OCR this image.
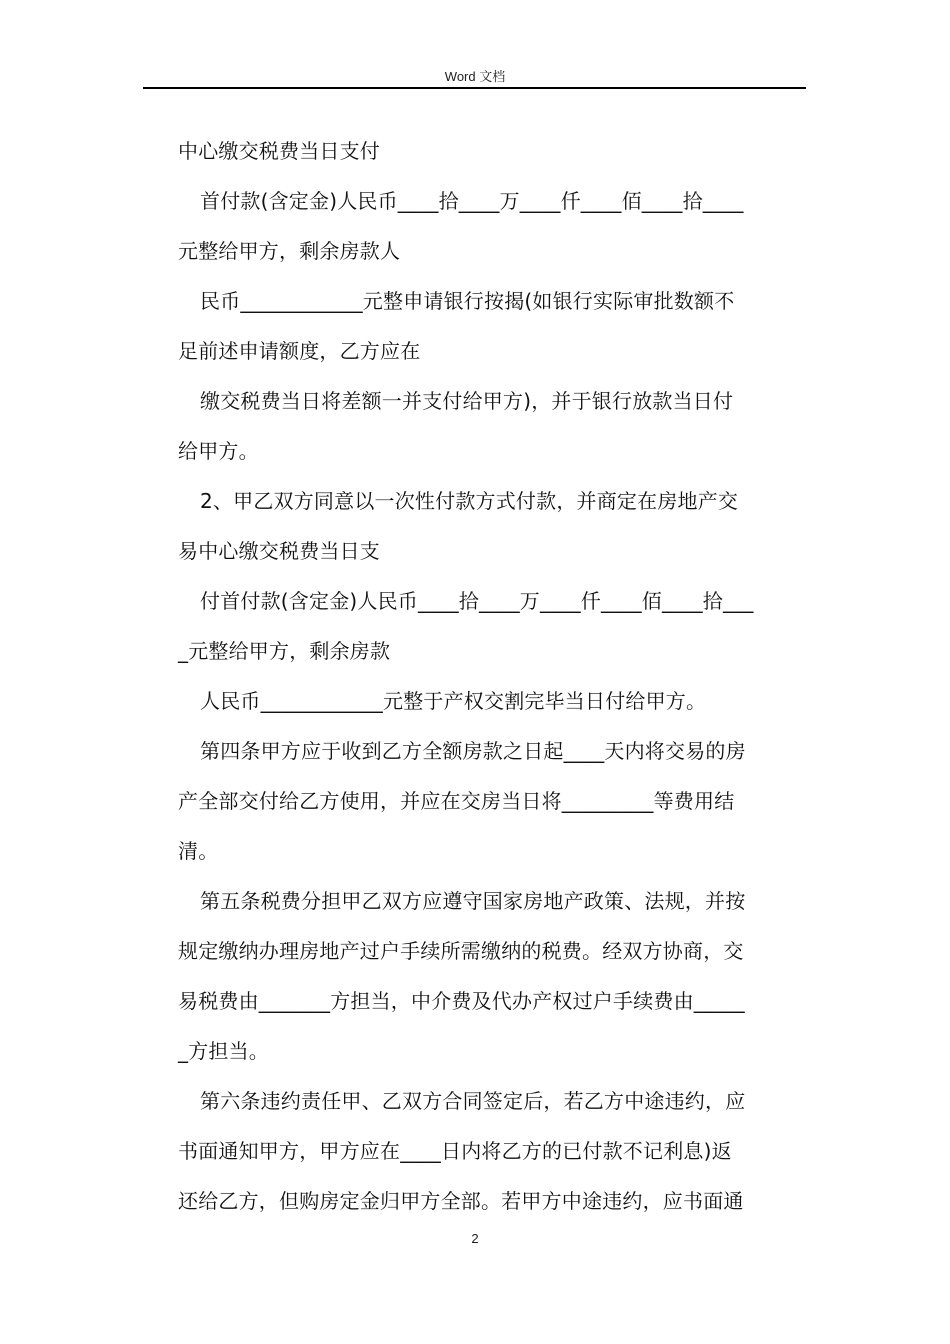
Word 文档
中心缴交税费当日支付
首付款(含定金)人民币____拾____万____仟____佰____拾____
元整给甲方，剩余房款人
民币____________元整申请银行按揭(如银行实际审批数额不
足前述申请额度，乙方应在
缴交税费当日将差额一并支付给甲方)，并于银行放款当日付
给甲方。
2、甲乙双方同意以一次性付款方式付款，并商定在房地产交
易中心缴交税费当日支
付首付款(含定金)人民币____拾____万____仟____佰____拾___
_元整给甲方，剩余房款
人民币____________元整于产权交割完毕当日付给甲方。
第四条甲方应于收到乙方全额房款之日起____天内将交易的房
产全部交付给乙方使用，并应在交房当日将_________等费用结
清。
第五条税费分担甲乙双方应遵守国家房地产政策、法规，并按
规定缴纳办理房地产过户手续所需缴纳的税费。经双方协商，交
易税费由_______方担当，中介费及代办产权过户手续费由_____
_方担当。
第六条违约责任甲、乙双方合同签定后，若乙方中途违约，应
书面通知甲方，甲方应在____日内将乙方的已付款不记利息)返
还给乙方，但购房定金归甲方全部。若甲方中途违约，应书面通
2
